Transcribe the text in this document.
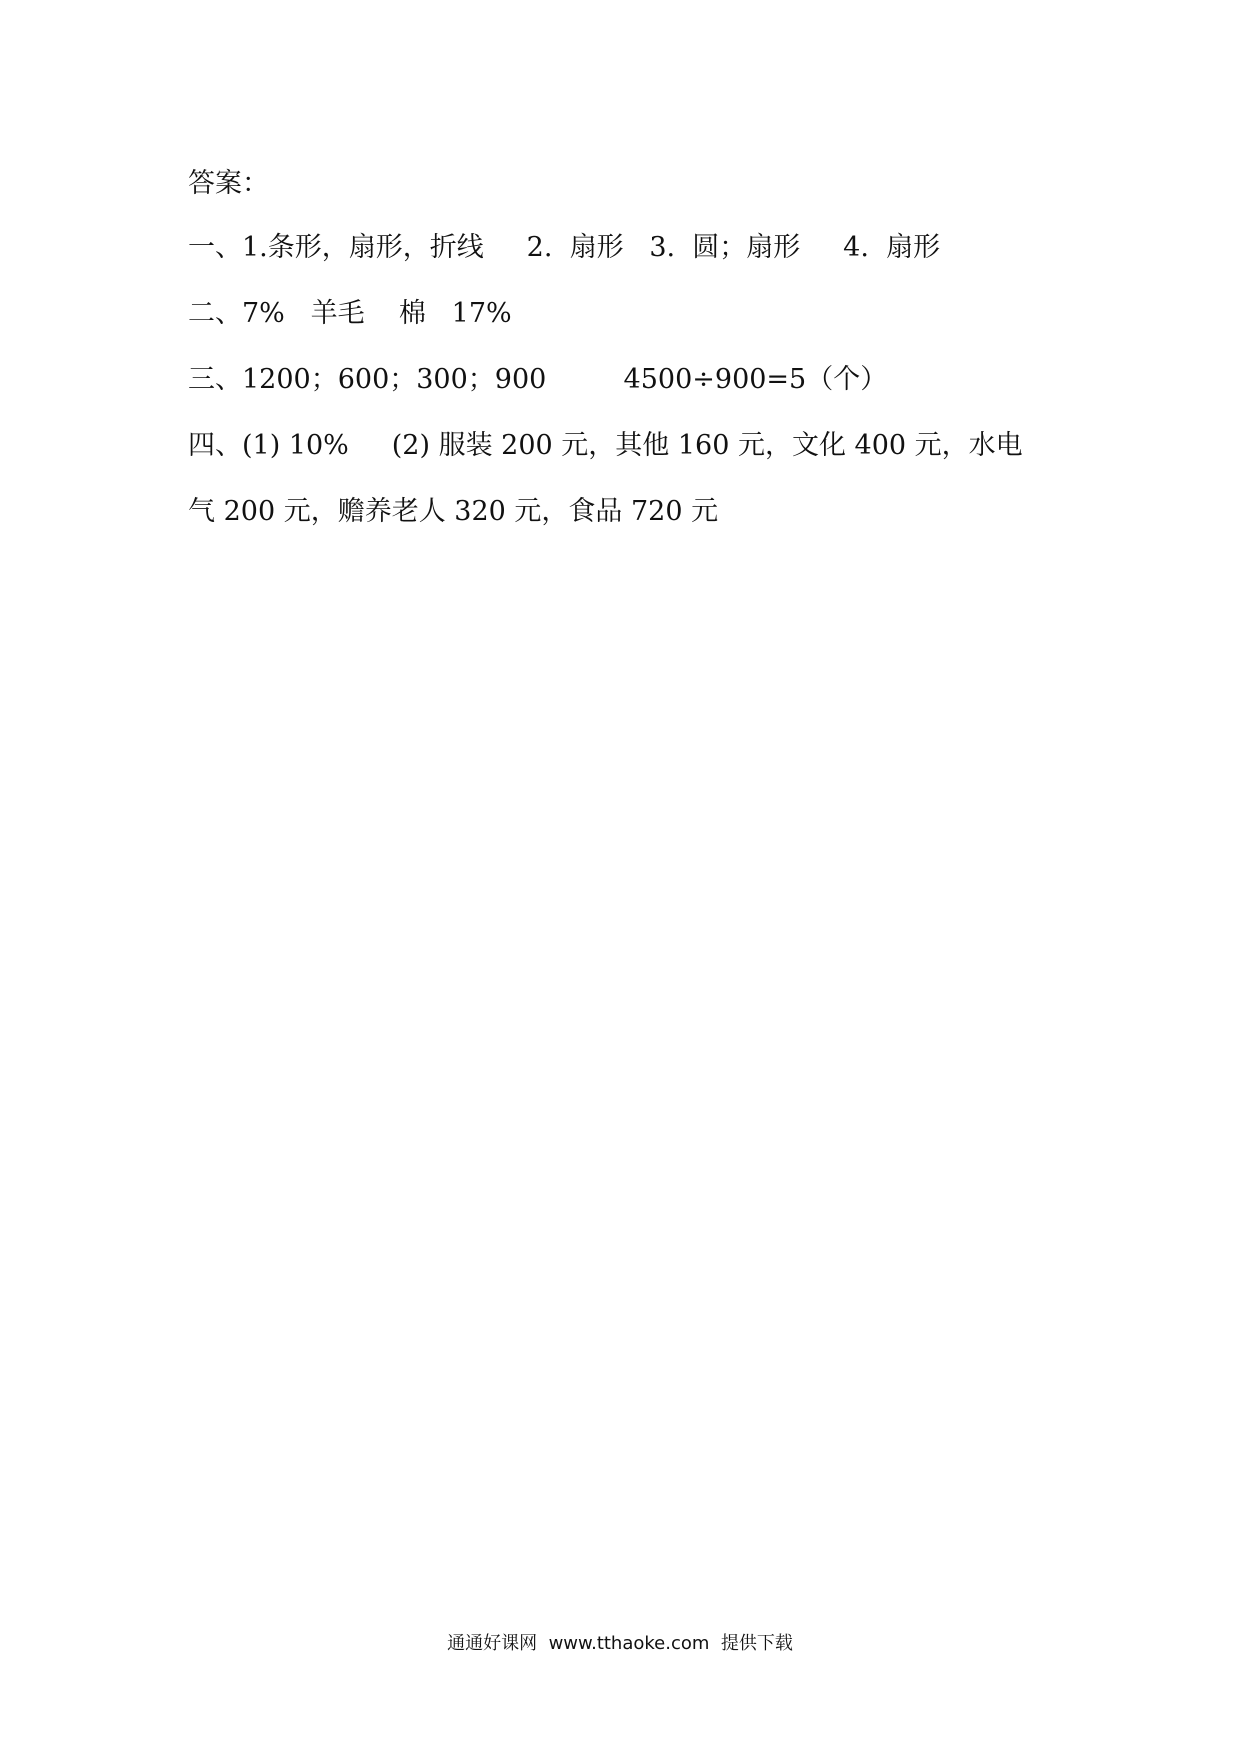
答案：
一、1.条形，扇形，折线     2.  扇形   3.  圆；扇形     4.  扇形
二、7%   羊毛    棉   17%
三、1200；600；300；900         4500÷900=5（个）
四、(1) 10%     (2) 服装 200 元，其他 160 元，文化 400 元，水电
气 200 元，赡养老人 320 元，食品 720 元
通通好课网  www.tthaoke.com  提供下载
